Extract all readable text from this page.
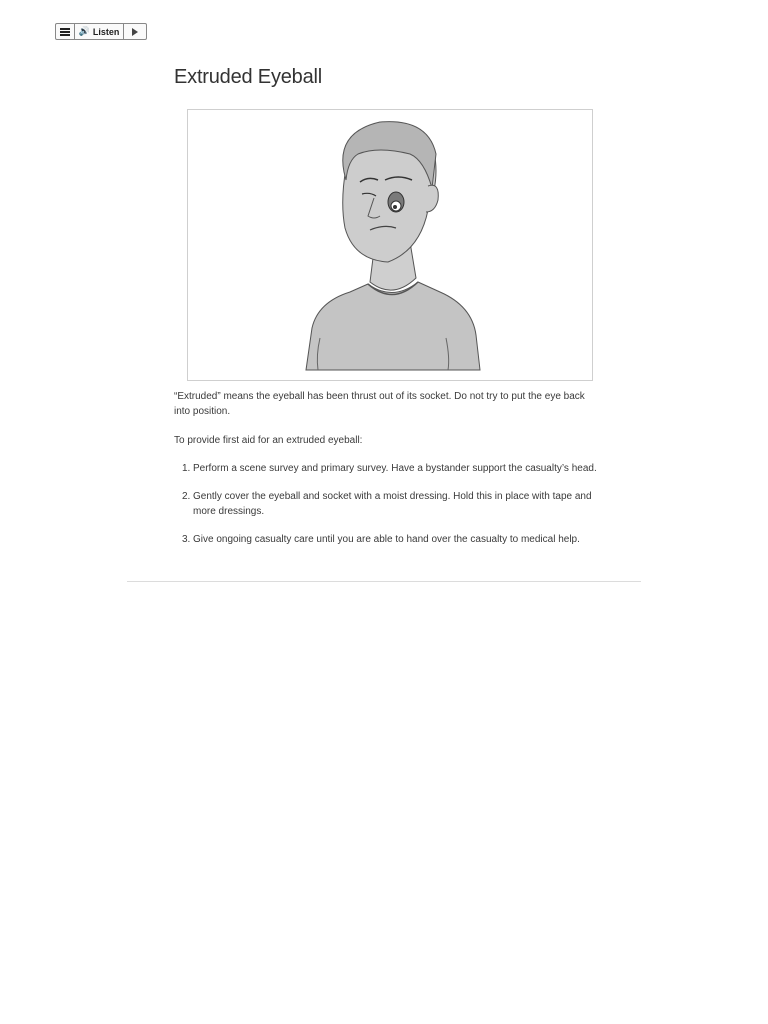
🔊 Listen
Extruded Eyeball

“Extruded” means the eyeball has been thrust out of its socket. Do not try to put the eye back into position.

To provide first aid for an extruded eyeball:

1. Perform a scene survey and primary survey. Have a bystander support the casualty’s head.
2. Gently cover the eyeball and socket with a moist dressing. Hold this in place with tape and more dressings.
3. Give ongoing casualty care until you are able to hand over the casualty to medical help.
